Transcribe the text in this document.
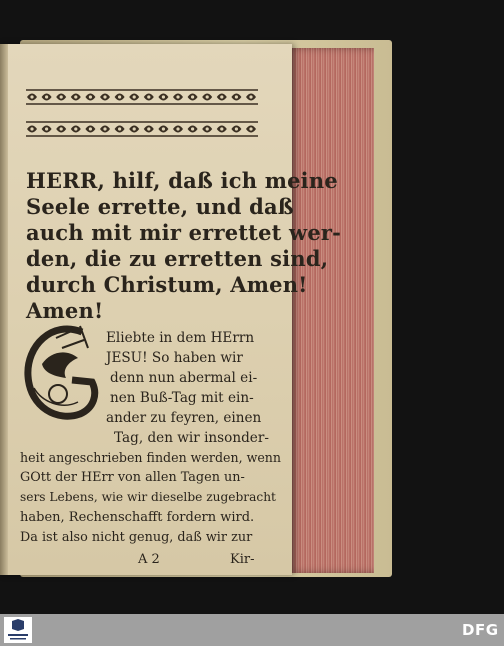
HERR, hilf, daß ich meine
Seele errette, und daß
auch mit mir errettet wer-
den, die zu erretten sind,
durch Christum, Amen!
Amen!
Eliebte in dem HErrn
JESU! So haben wir
denn nun abermal ei-
nen Buß-Tag mit ein-
ander zu feyren, einen
Tag, den wir insonder-
heit angeschrieben finden werden, wenn
GOtt der HErr von allen Tagen un-
sers Lebens, wie wir dieselbe zugebracht
haben, Rechenschafft fordern wird.
Da ist also nicht genug, daß wir zur
A 2	Kir-
DFG
